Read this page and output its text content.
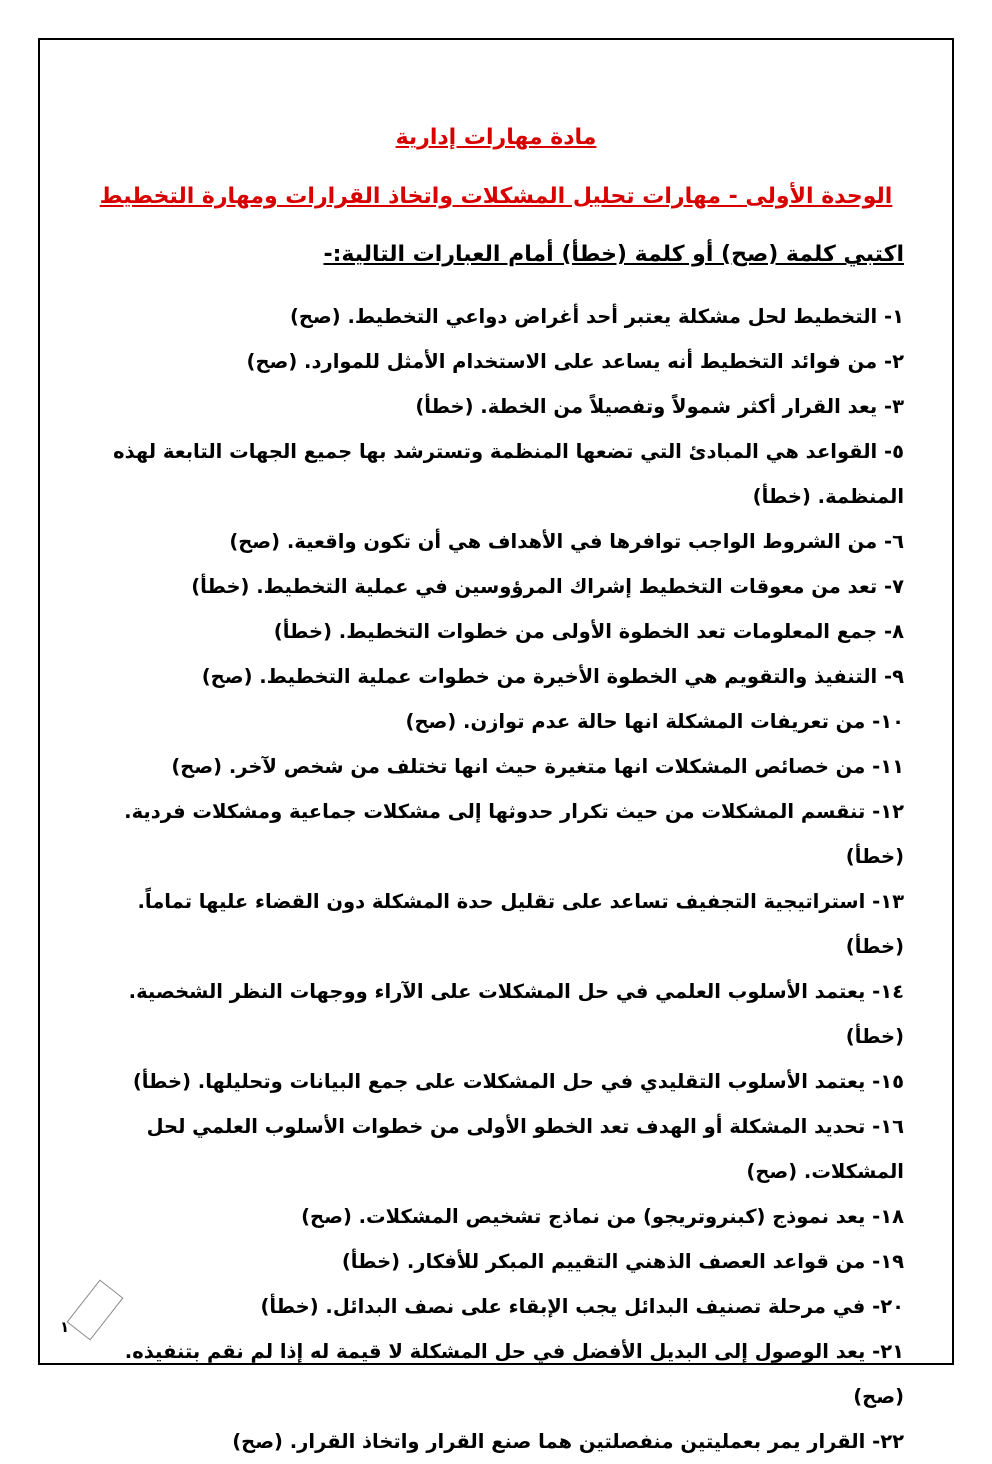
مادة مهارات إدارية
الوحدة الأولى - مهارات تحليل المشكلات واتخاذ القرارات ومهارة التخطيط
اكتبي كلمة (صح) أو كلمة (خطأ) أمام العبارات التالية:-
١- التخطيط لحل مشكلة يعتبر أحد أغراض دواعي التخطيط. (صح)
٢- من فوائد التخطيط أنه يساعد على الاستخدام الأمثل للموارد. (صح)
٣- يعد القرار أكثر شمولاً وتفصيلاً من الخطة. (خطأ)
٥- القواعد هي المبادئ التي تضعها المنظمة وتسترشد بها جميع الجهات التابعة لهذه المنظمة. (خطأ)
٦- من الشروط الواجب توافرها في الأهداف هي أن تكون واقعية. (صح)
٧- تعد من معوقات التخطيط إشراك المرؤوسين في عملية التخطيط. (خطأ)
٨- جمع المعلومات تعد الخطوة الأولى من خطوات التخطيط. (خطأ)
٩- التنفيذ والتقويم هي الخطوة الأخيرة من خطوات عملية التخطيط. (صح)
١٠- من تعريفات المشكلة انها حالة عدم توازن. (صح)
١١- من خصائص المشكلات انها متغيرة حيث انها تختلف من شخص لآخر. (صح)
١٢- تنقسم المشكلات من حيث تكرار حدوثها إلى مشكلات جماعية ومشكلات فردية. (خطأ)
١٣- استراتيجية التجفيف تساعد على تقليل حدة المشكلة دون القضاء عليها تماماً. (خطأ)
١٤- يعتمد الأسلوب العلمي في حل المشكلات على الآراء ووجهات النظر الشخصية. (خطأ)
١٥- يعتمد الأسلوب التقليدي في حل المشكلات على جمع البيانات وتحليلها. (خطأ)
١٦- تحديد المشكلة أو الهدف تعد الخطو الأولى من خطوات الأسلوب العلمي لحل المشكلات. (صح)
١٨- يعد نموذج (كبنروتريجو) من نماذج تشخيص المشكلات. (صح)
١٩- من قواعد العصف الذهني التقييم المبكر للأفكار. (خطأ)
٢٠- في مرحلة تصنيف البدائل يجب الإبقاء على نصف البدائل. (خطأ)
٢١- يعد الوصول إلى البديل الأفضل في حل المشكلة لا قيمة له إذا لم نقم بتنفيذه. (صح)
٢٢- القرار يمر بعمليتين منفصلتين هما صنع القرار واتخاذ القرار. (صح)
١
